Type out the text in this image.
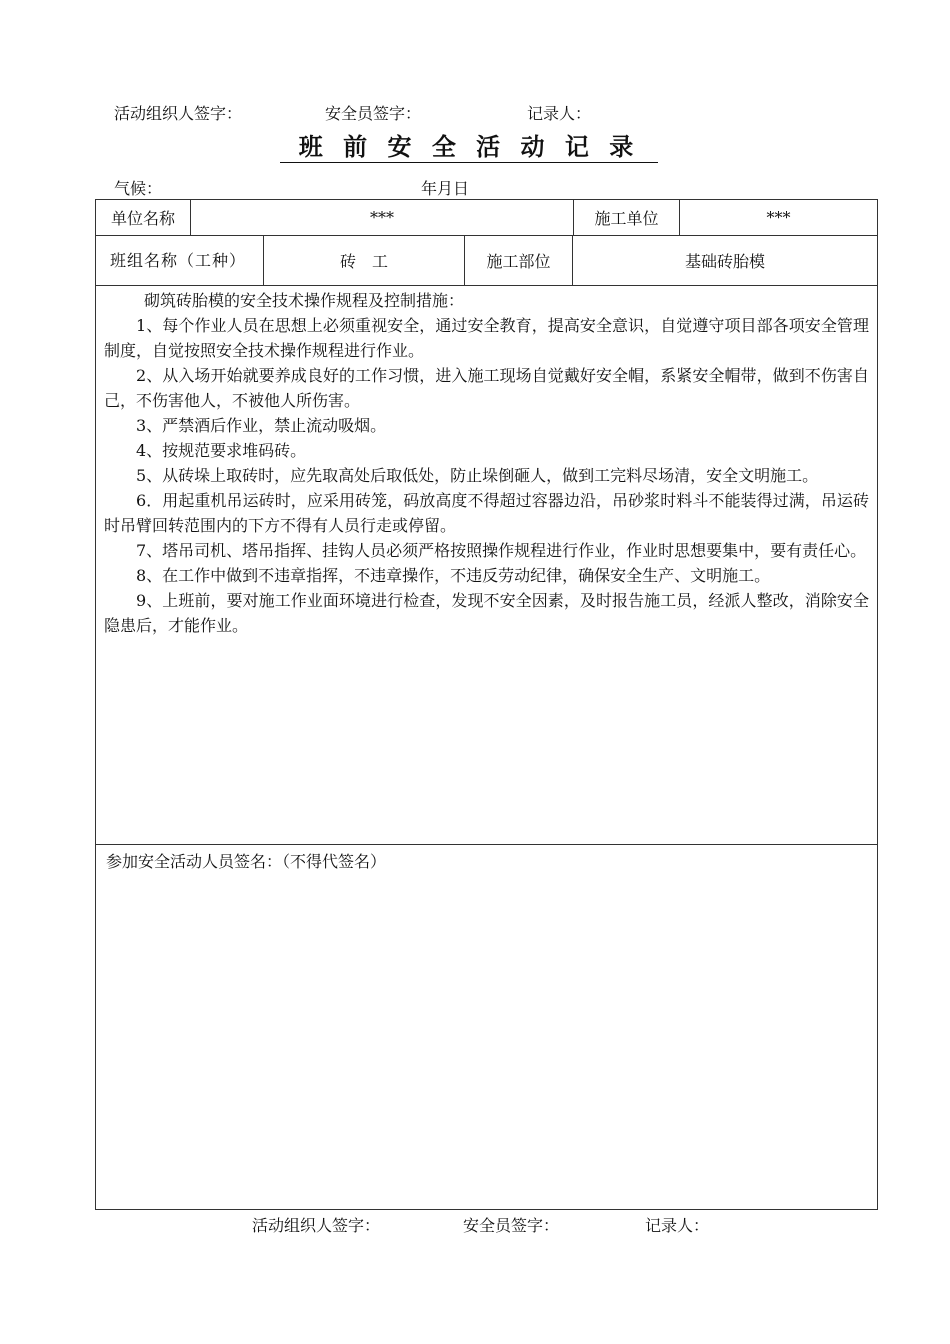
活动组织人签字：	安全员签字：	记录人：
班 前 安 全 活 动 记 录
气候：	年月日
单位名称	***	施工单位	***
班组名称（工种）	砖　工	施工部位	基础砖胎模

砌筑砖胎模的安全技术操作规程及控制措施：

1、每个作业人员在思想上必须重视安全，通过安全教育，提高安全意识，自觉遵守项目部各项安全管理制度，自觉按照安全技术操作规程进行作业。

2、从入场开始就要养成良好的工作习惯，进入施工现场自觉戴好安全帽，系紧安全帽带，做到不伤害自己，不伤害他人，不被他人所伤害。

3、严禁酒后作业，禁止流动吸烟。

4、按规范要求堆码砖。

5、从砖垛上取砖时，应先取高处后取低处，防止垛倒砸人，做到工完料尽场清，安全文明施工。

6．用起重机吊运砖时，应采用砖笼，码放高度不得超过容器边沿，吊砂浆时料斗不能装得过满，吊运砖时吊臂回转范围内的下方不得有人员行走或停留。

7、塔吊司机、塔吊指挥、挂钩人员必须严格按照操作规程进行作业，作业时思想要集中，要有责任心。

8、在工作中做到不违章指挥，不违章操作，不违反劳动纪律，确保安全生产、文明施工。

9、上班前，要对施工作业面环境进行检查，发现不安全因素，及时报告施工员，经派人整改，消除安全隐患后，才能作业。

参加安全活动人员签名：（不得代签名）
活动组织人签字：	安全员签字：	记录人：
